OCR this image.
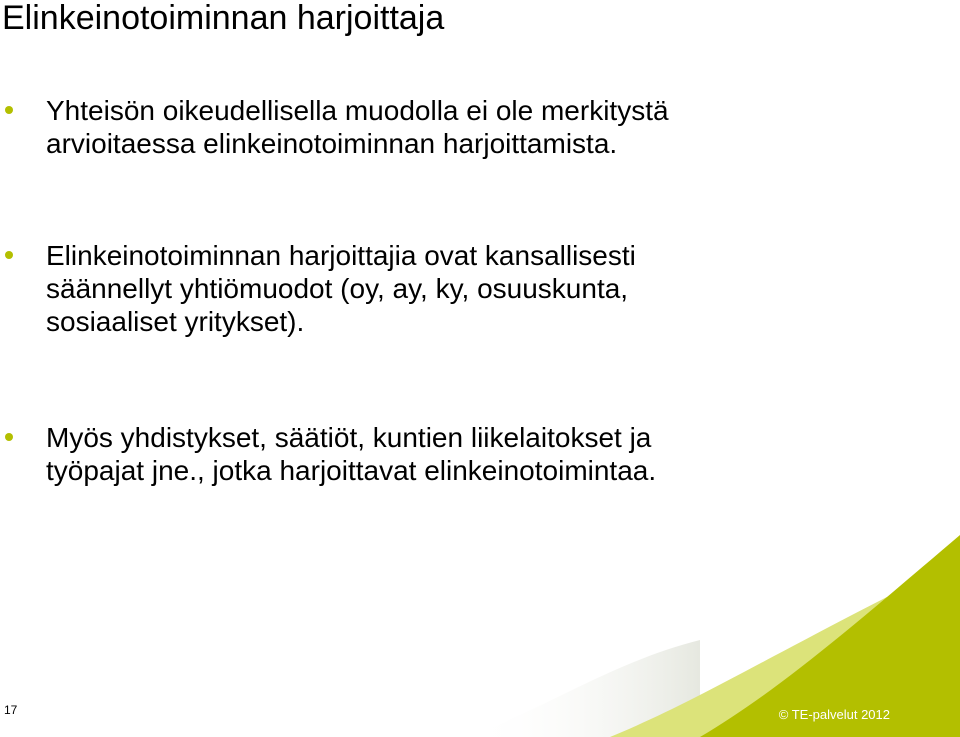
Elinkeinotoiminnan harjoittaja
Yhteisön oikeudellisella muodolla ei ole merkitystä
arvioitaessa elinkeinotoiminnan harjoittamista.
Elinkeinotoiminnan harjoittajia ovat kansallisesti
säännellyt yhtiömuodot (oy, ay, ky, osuuskunta,
sosiaaliset yritykset).
Myös yhdistykset, säätiöt, kuntien liikelaitokset ja
työpajat jne., jotka harjoittavat elinkeinotoimintaa.
17	© TE-palvelut 2012
